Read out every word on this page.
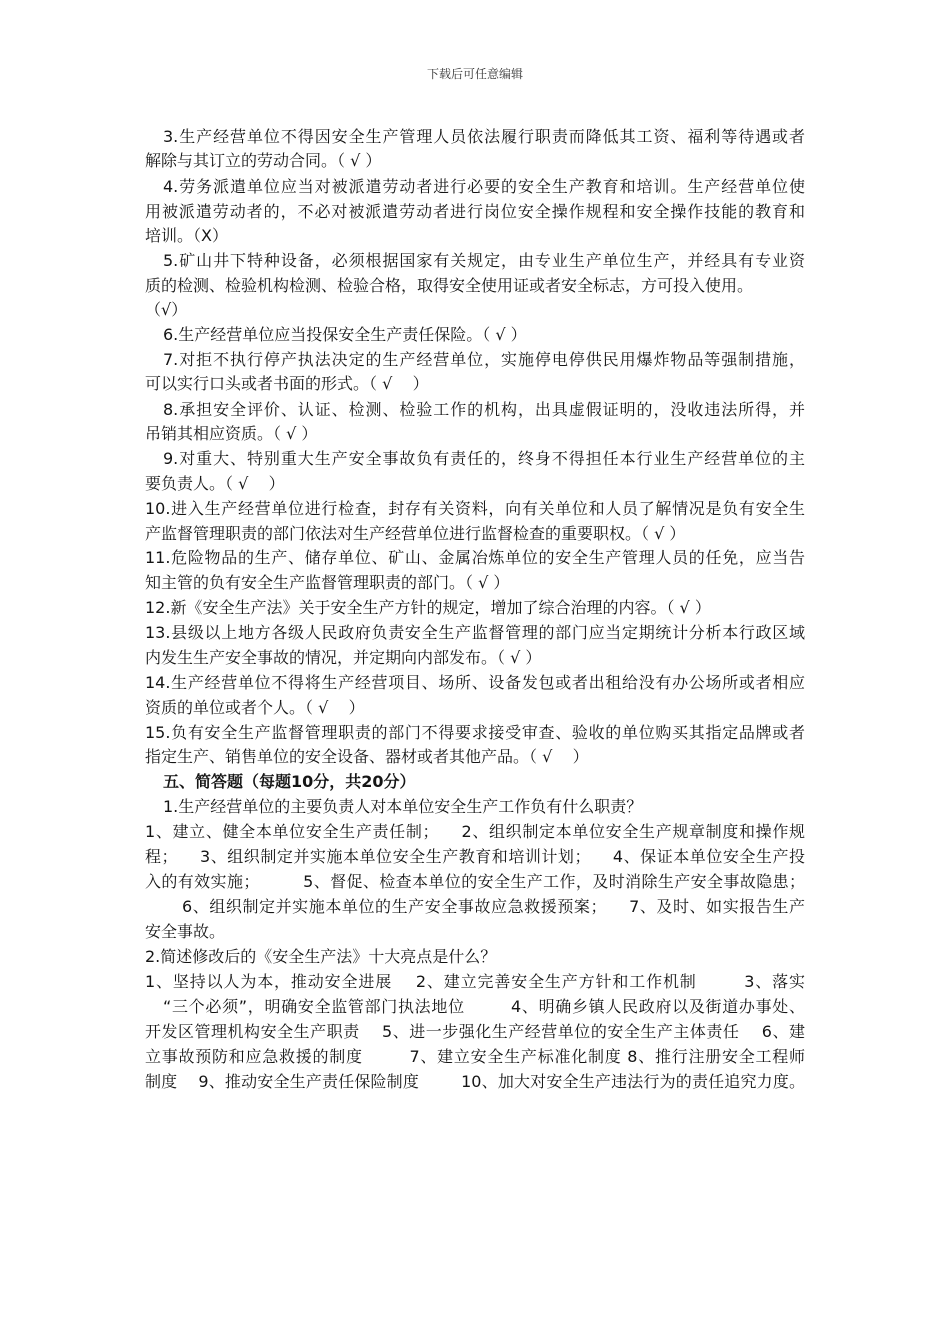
下载后可任意编辑
3.生产经营单位不得因安全生产管理人员依法履行职责而降低其工资、福利等待遇或者
解除与其订立的劳动合同。（ √ ）
4.劳务派遣单位应当对被派遣劳动者进行必要的安全生产教育和培训。生产经营单位使
用被派遣劳动者的，不必对被派遣劳动者进行岗位安全操作规程和安全操作技能的教育和
培训。（X）
5.矿山井下特种设备，必须根据国家有关规定，由专业生产单位生产，并经具有专业资
质的检测、检验机构检测、检验合格，取得安全使用证或者安全标志，方可投入使用。
（√）
6.生产经营单位应当投保安全生产责任保险。（ √ ）
7.对拒不执行停产执法决定的生产经营单位，实施停电停供民用爆炸物品等强制措施，
可以实行口头或者书面的形式。（ √    ）
8.承担安全评价、认证、检测、检验工作的机构，出具虚假证明的，没收违法所得，并
吊销其相应资质。（ √ ）
9.对重大、特别重大生产安全事故负有责任的，终身不得担任本行业生产经营单位的主
要负责人。（ √    ）
10.进入生产经营单位进行检查，封存有关资料，向有关单位和人员了解情况是负有安全生
产监督管理职责的部门依法对生产经营单位进行监督检查的重要职权。（ √ ）
11.危险物品的生产、储存单位、矿山、金属冶炼单位的安全生产管理人员的任免，应当告
知主管的负有安全生产监督管理职责的部门。（ √ ）
12.新《安全生产法》关于安全生产方针的规定，增加了综合治理的内容。（ √ ）
13.县级以上地方各级人民政府负责安全生产监督管理的部门应当定期统计分析本行政区域
内发生生产安全事故的情况，并定期向内部发布。（ √ ）
14.生产经营单位不得将生产经营项目、场所、设备发包或者出租给没有办公场所或者相应
资质的单位或者个人。（ √    ）
15.负有安全生产监督管理职责的部门不得要求接受审查、验收的单位购买其指定品牌或者
指定生产、销售单位的安全设备、器材或者其他产品。（ √    ）
五、简答题（每题10分，共20分）
1.生产经营单位的主要负责人对本单位安全生产工作负有什么职责？
1、建立、健全本单位安全生产责任制；    2、组织制定本单位安全生产规章制度和操作规
程；    3、组织制定并实施本单位安全生产教育和培训计划；    4、保证本单位安全生产投
入的有效实施；        5、督促、检查本单位的安全生产工作，及时消除生产安全事故隐患；
6、组织制定并实施本单位的生产安全事故应急救援预案；    7、及时、如实报告生产
安全事故。
2.简述修改后的《安全生产法》十大亮点是什么？
1、坚持以人为本，推动安全进展    2、建立完善安全生产方针和工作机制        3、落实
“三个必须”，明确安全监管部门执法地位        4、明确乡镇人民政府以及街道办事处、
开发区管理机构安全生产职责    5、进一步强化生产经营单位的安全生产主体责任    6、建
立事故预防和应急救援的制度        7、建立安全生产标准化制度 8、推行注册安全工程师
制度    9、推动安全生产责任保险制度        10、加大对安全生产违法行为的责任追究力度。
